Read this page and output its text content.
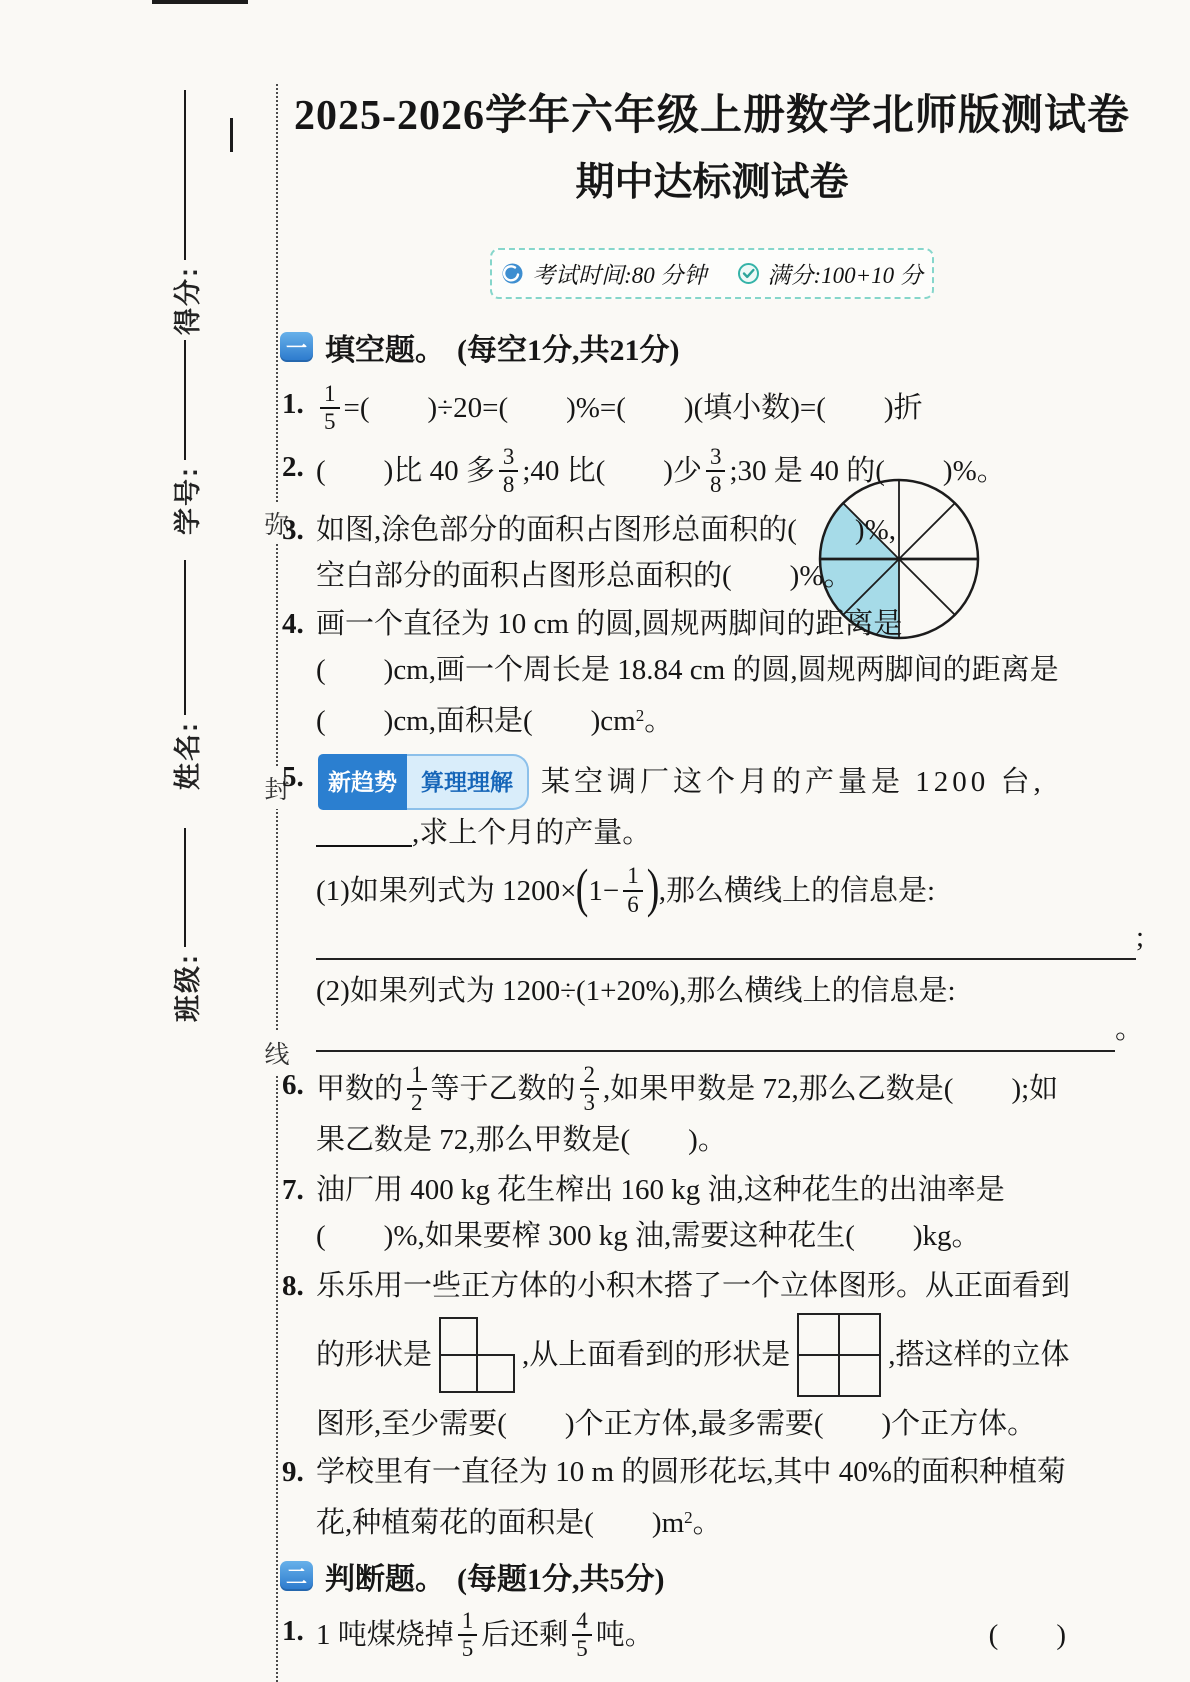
弥
封
线
得分:
学号:
姓名:
班级:
2025-2026学年六年级上册数学北师版测试卷
期中达标测试卷
考试时间:80 分钟	满分:100+10 分
一 填空题。 (每空1分,共21分)
1. $\frac{1}{5}$ =(        )÷20=(        )%=(        )(填小数)=(        )折
2. (        )比 40 多 3
8 ;40 比(        )少 3
8 ;30 是 40 的(        )%。
3. 如图,涂色部分的面积占图形总面积的(        )%,
空白部分的面积占图形总面积的(        )%。
4. 画一个直径为 10 cm 的圆,圆规两脚间的距离是
(        )cm,画一个周长是 18.84 cm 的圆,圆规两脚间的距离是
(        )cm,面积是(        )$cm^2$。
5.	新趋势	算理理解 某空调厂这个月的产量是 1200 台,
,求上个月的产量。
(1)如果列式为 1200× ( $1- \frac{1}{6}$ ) ,那么横线上的信息是:
;
(2)如果列式为 1200÷(1+20%),那么横线上的信息是:
。
6. 甲数的 1
2 等于乙数的 2
3 ,如果甲数是 72,那么乙数是(        );如
果乙数是 72,那么甲数是(        )。
7. 油厂用 400 kg 花生榨出 160 kg 油,这种花生的出油率是
(        )%,如果要榨 300 kg 油,需要这种花生(        )kg。
8. 乐乐用一些正方体的小积木搭了一个立体图形。从正面看到
的形状是	,从上面看到的形状是	,搭这样的立体
图形,至少需要(        )个正方体,最多需要(        )个正方体。
9. 学校里有一直径为 10 m 的圆形花坛,其中 40%的面积种植菊
花,种植菊花的面积是(        )$m^2$。
二 判断题。 (每题1分,共5分)
1. 1 吨煤烧掉 1
5 后还剩 4
5 吨。	(        )
